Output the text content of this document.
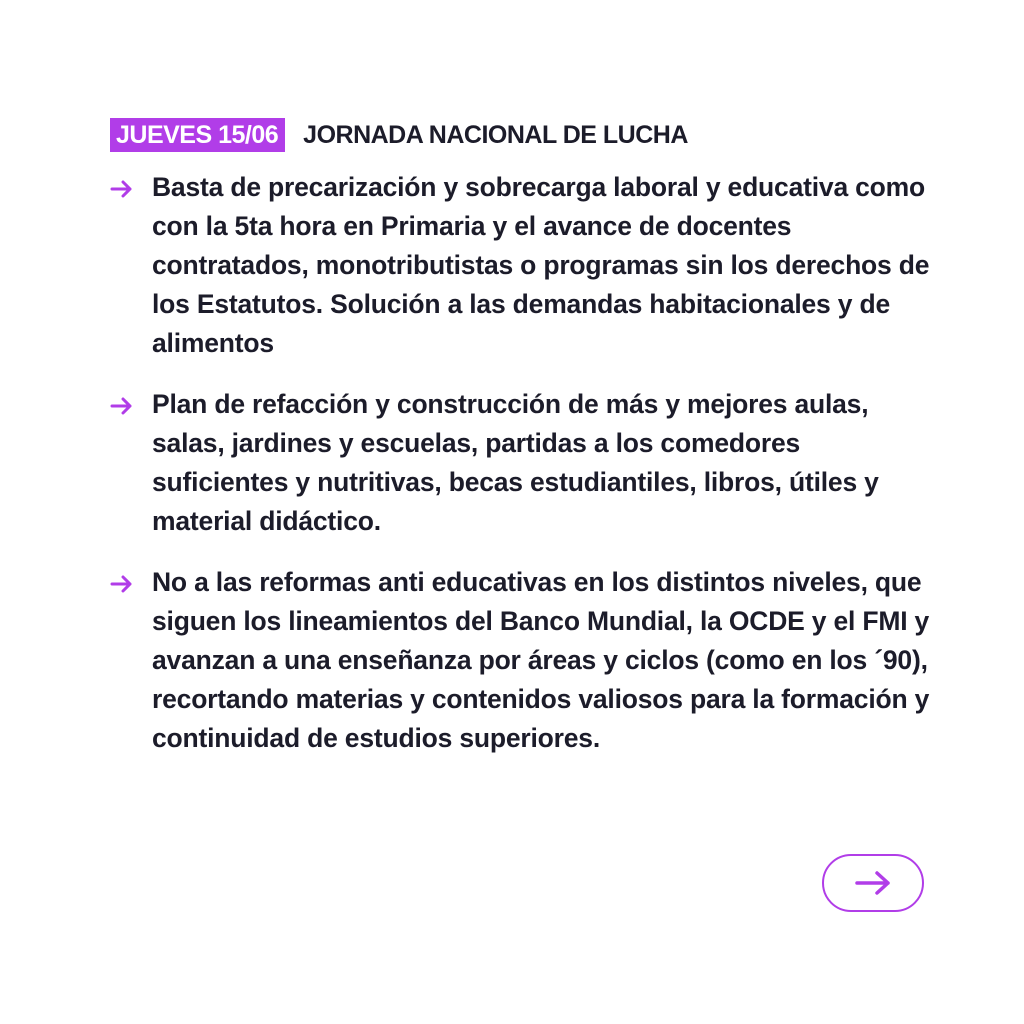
JUEVES 15/06 JORNADA NACIONAL DE LUCHA
Basta de precarización y sobrecarga laboral y educativa como con la 5ta hora en Primaria y el avance de docentes contratados, monotributistas o programas sin los derechos de los Estatutos. Solución a las demandas habitacionales y de alimentos
Plan de refacción y construcción de más y mejores aulas, salas, jardines y escuelas, partidas a los comedores suficientes y nutritivas, becas estudiantiles, libros, útiles y material didáctico.
No a las reformas anti educativas en los distintos niveles, que siguen los lineamientos del Banco Mundial, la OCDE y el FMI y avanzan a una enseñanza por áreas y ciclos (como en los ´90), recortando materias y contenidos valiosos para la formación y continuidad de estudios superiores.
